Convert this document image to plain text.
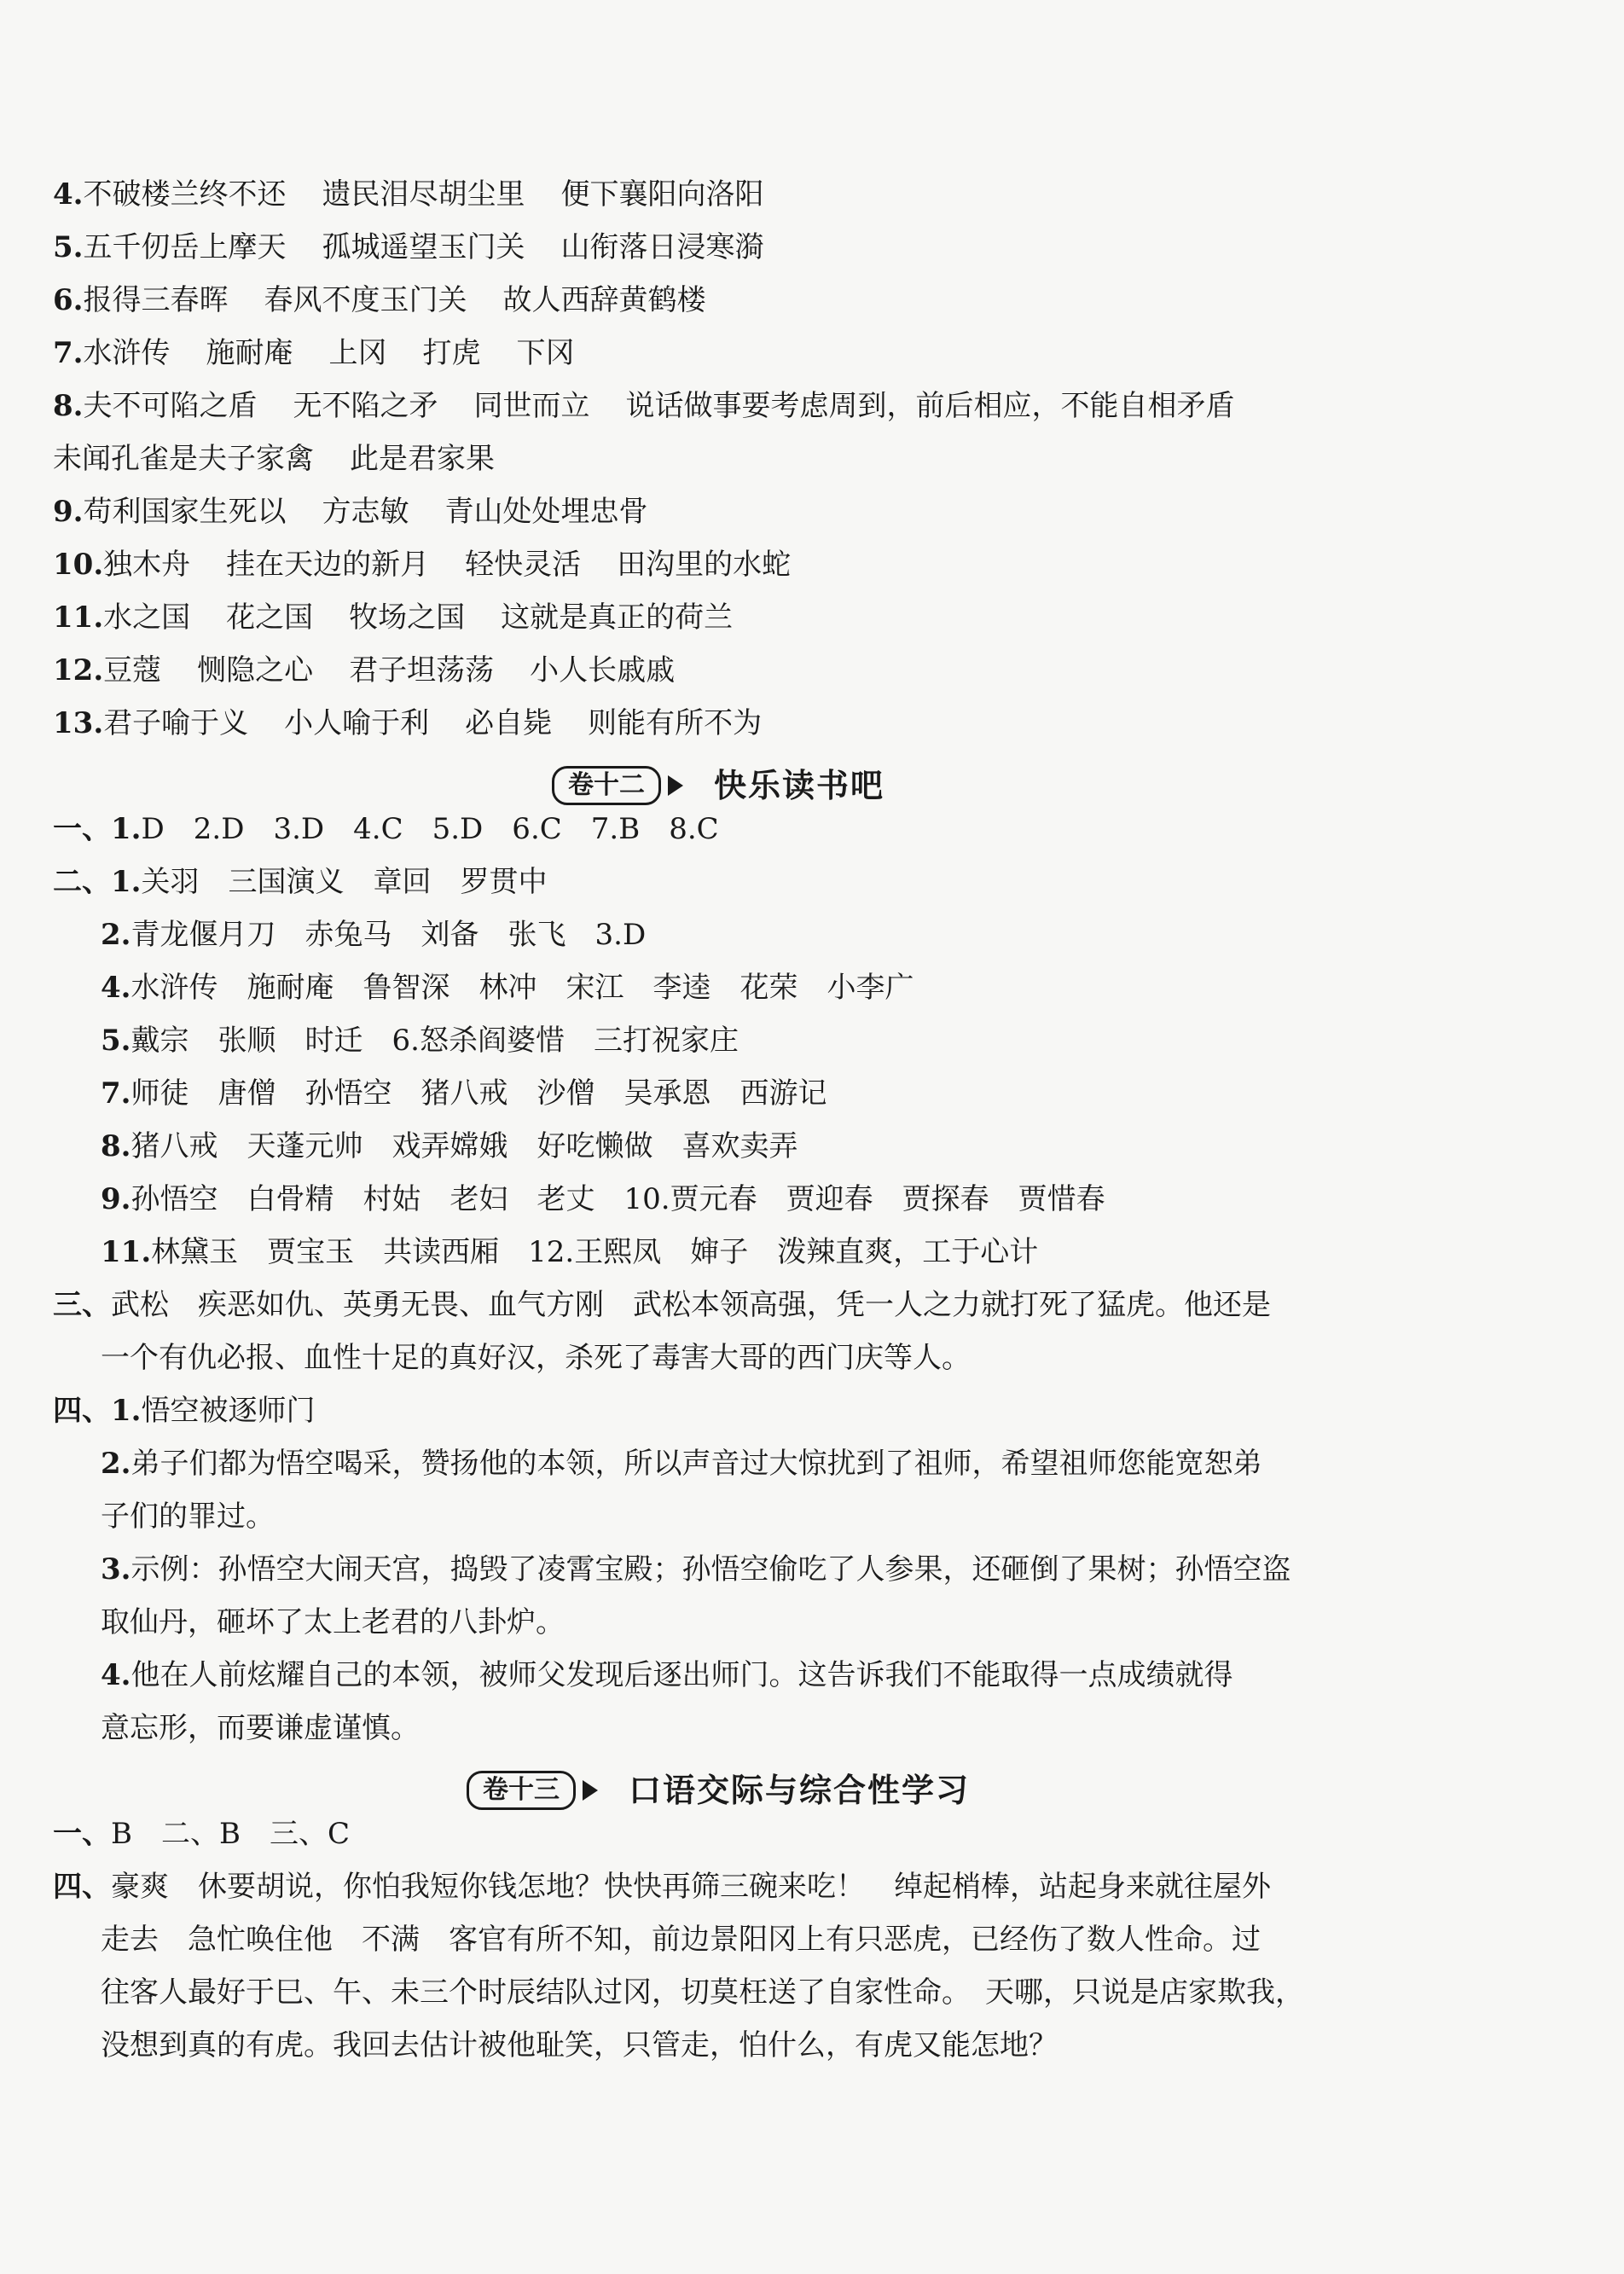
4.不破楼兰终不还 遗民泪尽胡尘里 便下襄阳向洛阳
5.五千仞岳上摩天 孤城遥望玉门关 山衔落日浸寒漪
6.报得三春晖 春风不度玉门关 故人西辞黄鹤楼
7.水浒传 施耐庵 上冈 打虎 下冈
8.夫不可陷之盾 无不陷之矛 同世而立 说话做事要考虑周到，前后相应，不能自相矛盾
未闻孔雀是夫子家禽 此是君家果
9.苟利国家生死以 方志敏 青山处处埋忠骨
10.独木舟 挂在天边的新月 轻快灵活 田沟里的水蛇
11.水之国 花之国 牧场之国 这就是真正的荷兰
12.豆蔻 恻隐之心 君子坦荡荡 小人长戚戚
13.君子喻于义 小人喻于利 必自毙 则能有所不为
卷十二	快乐读书吧
一、1.D　2.D　3.D　4.C　5.D　6.C　7.B　8.C
二、1.关羽　三国演义　章回　罗贯中
2.青龙偃月刀　赤兔马　刘备　张飞　3.D
4.水浒传　施耐庵　鲁智深　林冲　宋江　李逵　花荣　小李广
5.戴宗　张顺　时迁　6.怒杀阎婆惜　三打祝家庄
7.师徒　唐僧　孙悟空　猪八戒　沙僧　吴承恩　西游记
8.猪八戒　天蓬元帅　戏弄嫦娥　好吃懒做　喜欢卖弄
9.孙悟空　白骨精　村姑　老妇　老丈　10.贾元春　贾迎春　贾探春　贾惜春
11.林黛玉　贾宝玉　共读西厢　12.王熙凤　婶子　泼辣直爽，工于心计
三、武松　疾恶如仇、英勇无畏、血气方刚　武松本领高强，凭一人之力就打死了猛虎。他还是
一个有仇必报、血性十足的真好汉，杀死了毒害大哥的西门庆等人。
四、1.悟空被逐师门
2.弟子们都为悟空喝采，赞扬他的本领，所以声音过大惊扰到了祖师，希望祖师您能宽恕弟
子们的罪过。
3.示例：孙悟空大闹天宫，捣毁了凌霄宝殿；孙悟空偷吃了人参果，还砸倒了果树；孙悟空盗
取仙丹，砸坏了太上老君的八卦炉。
4.他在人前炫耀自己的本领，被师父发现后逐出师门。这告诉我们不能取得一点成绩就得
意忘形，而要谦虚谨慎。
卷十三	口语交际与综合性学习
一、B　二、B　三、C
四、豪爽　休要胡说，你怕我短你钱怎地？快快再筛三碗来吃！　绰起梢棒，站起身来就往屋外
走去　急忙唤住他　不满　客官有所不知，前边景阳冈上有只恶虎，已经伤了数人性命。过
往客人最好于巳、午、未三个时辰结队过冈，切莫枉送了自家性命。　天哪，只说是店家欺我，
没想到真的有虎。我回去估计被他耻笑，只管走，怕什么，有虎又能怎地？
